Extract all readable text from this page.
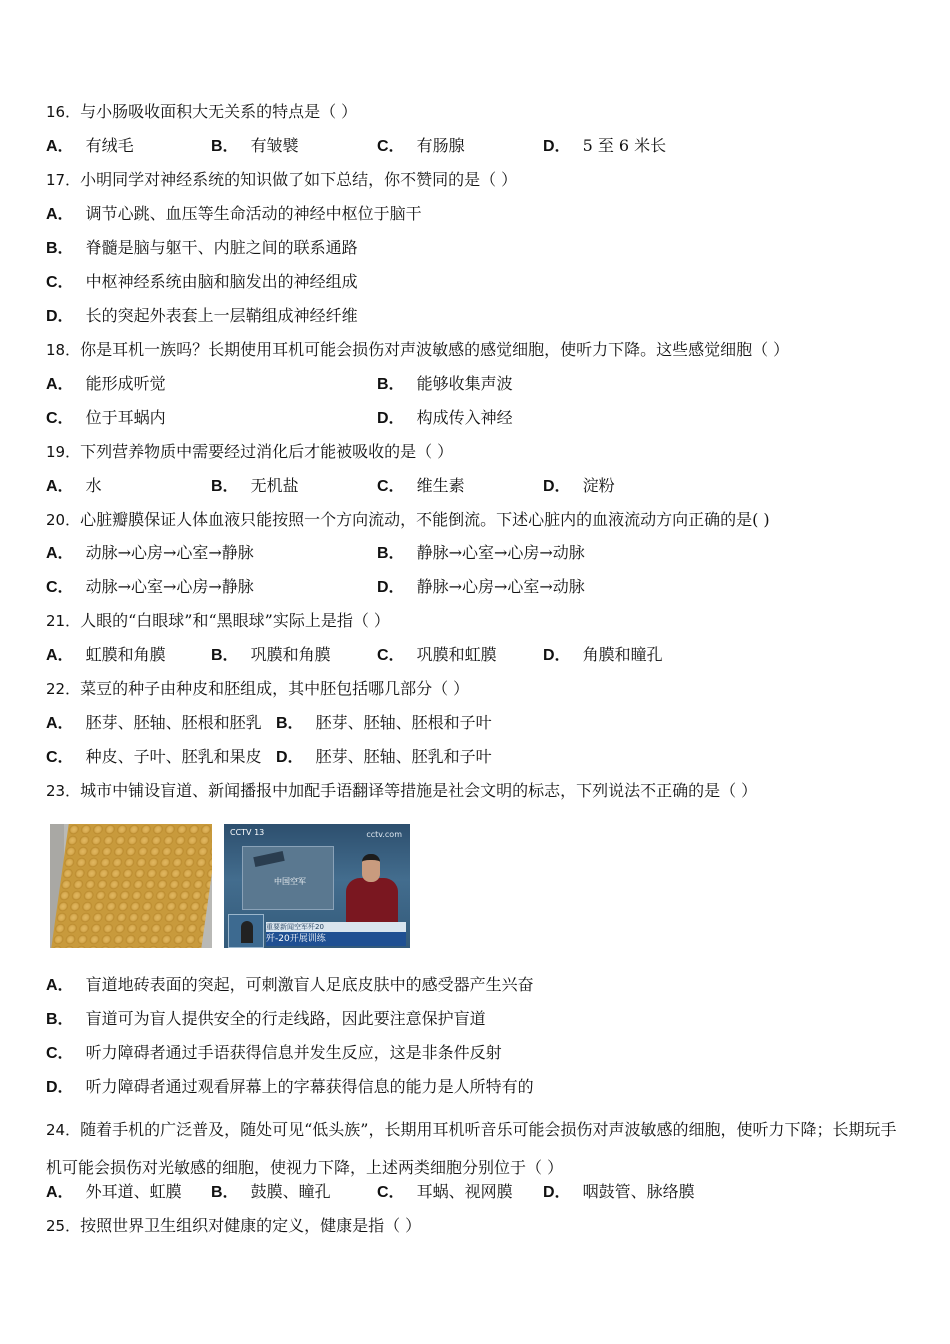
16．与小肠吸收面积大无关系的特点是（ ）
A． 有绒毛	B． 有皱襞	C． 有肠腺	D． 5 至 6 米长
17．小明同学对神经系统的知识做了如下总结，你不赞同的是（ ）
A． 调节心跳、血压等生命活动的神经中枢位于脑干
B． 脊髓是脑与躯干、内脏之间的联系通路
C． 中枢神经系统由脑和脑发出的神经组成
D． 长的突起外表套上一层鞘组成神经纤维
18．你是耳机一族吗？长期使用耳机可能会损伤对声波敏感的感觉细胞，使听力下降。这些感觉细胞（ ）
A． 能形成听觉	B． 能够收集声波
C． 位于耳蜗内	D． 构成传入神经
19．下列营养物质中需要经过消化后才能被吸收的是（ ）
A． 水	B． 无机盐	C． 维生素	D． 淀粉
20．心脏瓣膜保证人体血液只能按照一个方向流动，不能倒流。下述心脏内的血液流动方向正确的是( )
A． 动脉→心房→心室→静脉	B． 静脉→心室→心房→动脉
C． 动脉→心室→心房→静脉	D． 静脉→心房→心室→动脉
21．人眼的“白眼球”和“黑眼球”实际上是指（ ）
A． 虹膜和角膜	B． 巩膜和角膜	C． 巩膜和虹膜	D． 角膜和瞳孔
22．菜豆的种子由种皮和胚组成，其中胚包括哪几部分（ ）
A． 胚芽、胚轴、胚根和胚乳 B． 胚芽、胚轴、胚根和子叶
C． 种皮、子叶、胚乳和果皮 D． 胚芽、胚轴、胚乳和子叶
23．城市中铺设盲道、新闻播报中加配手语翻译等措施是社会文明的标志，下列说法不正确的是（ ）
CCTV 13	cctv.com
中国空军
重要新闻空军歼20
歼-20开展训练
A． 盲道地砖表面的突起，可刺激盲人足底皮肤中的感受器产生兴奋
B． 盲道可为盲人提供安全的行走线路，因此要注意保护盲道
C． 听力障碍者通过手语获得信息并发生反应，这是非条件反射
D． 听力障碍者通过观看屏幕上的字幕获得信息的能力是人所特有的
24．随着手机的广泛普及，随处可见“低头族”，长期用耳机听音乐可能会损伤对声波敏感的细胞，使听力下降；长期玩手机可能会损伤对光敏感的细胞，使视力下降，上述两类细胞分别位于（ ）
A． 外耳道、虹膜 B． 鼓膜、瞳孔	C． 耳蜗、视网膜 D． 咽鼓管、脉络膜
25．按照世界卫生组织对健康的定义，健康是指（ ）
